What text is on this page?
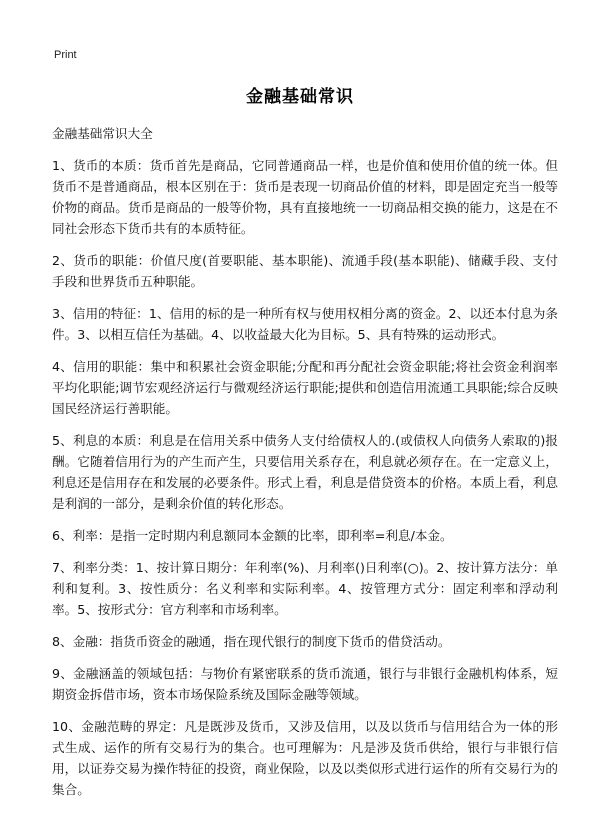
Print
金融基础常识

金融基础常识大全

1、货币的本质：货币首先是商品，它同普通商品一样，也是价值和使用价值的统一体。但货币不是普通商品，根本区别在于：货币是表现一切商品价值的材料，即是固定充当一般等价物的商品。货币是商品的一般等价物，具有直接地统一一切商品相交换的能力，这是在不同社会形态下货币共有的本质特征。

2、货币的职能：价值尺度(首要职能、基本职能)、流通手段(基本职能)、储藏手段、支付手段和世界货币五种职能。

3、信用的特征：1、信用的标的是一种所有权与使用权相分离的资金。2、以还本付息为条件。3、以相互信任为基础。4、以收益最大化为目标。5、具有特殊的运动形式。

4、信用的职能：集中和积累社会资金职能;分配和再分配社会资金职能;将社会资金利润率平均化职能;调节宏观经济运行与微观经济运行职能;提供和创造信用流通工具职能;综合反映国民经济运行善职能。

5、利息的本质：利息是在信用关系中债务人支付给债权人的.(或债权人向债务人索取的)报酬。它随着信用行为的产生而产生，只要信用关系存在，利息就必须存在。在一定意义上，利息还是信用存在和发展的必要条件。形式上看，利息是借贷资本的价格。本质上看，利息是利润的一部分，是剩余价值的转化形态。

6、利率：是指一定时期内利息额同本金额的比率，即利率=利息/本金。

7、利率分类：1、按计算日期分：年利率(%)、月利率()日利率(○)。2、按计算方法分：单利和复利。3、按性质分：名义利率和实际利率。4、按管理方式分：固定利率和浮动利率。5、按形式分：官方利率和市场利率。

8、金融：指货币资金的融通，指在现代银行的制度下货币的借贷活动。

9、金融涵盖的领域包括：与物价有紧密联系的货币流通，银行与非银行金融机构体系，短期资金拆借市场，资本市场保险系统及国际金融等领域。

10、金融范畴的界定：凡是既涉及货币，又涉及信用，以及以货币与信用结合为一体的形式生成、运作的所有交易行为的集合。也可理解为：凡是涉及货币供给，银行与非银行信用，以证券交易为操作特征的投资，商业保险，以及以类似形式进行运作的所有交易行为的集合。
